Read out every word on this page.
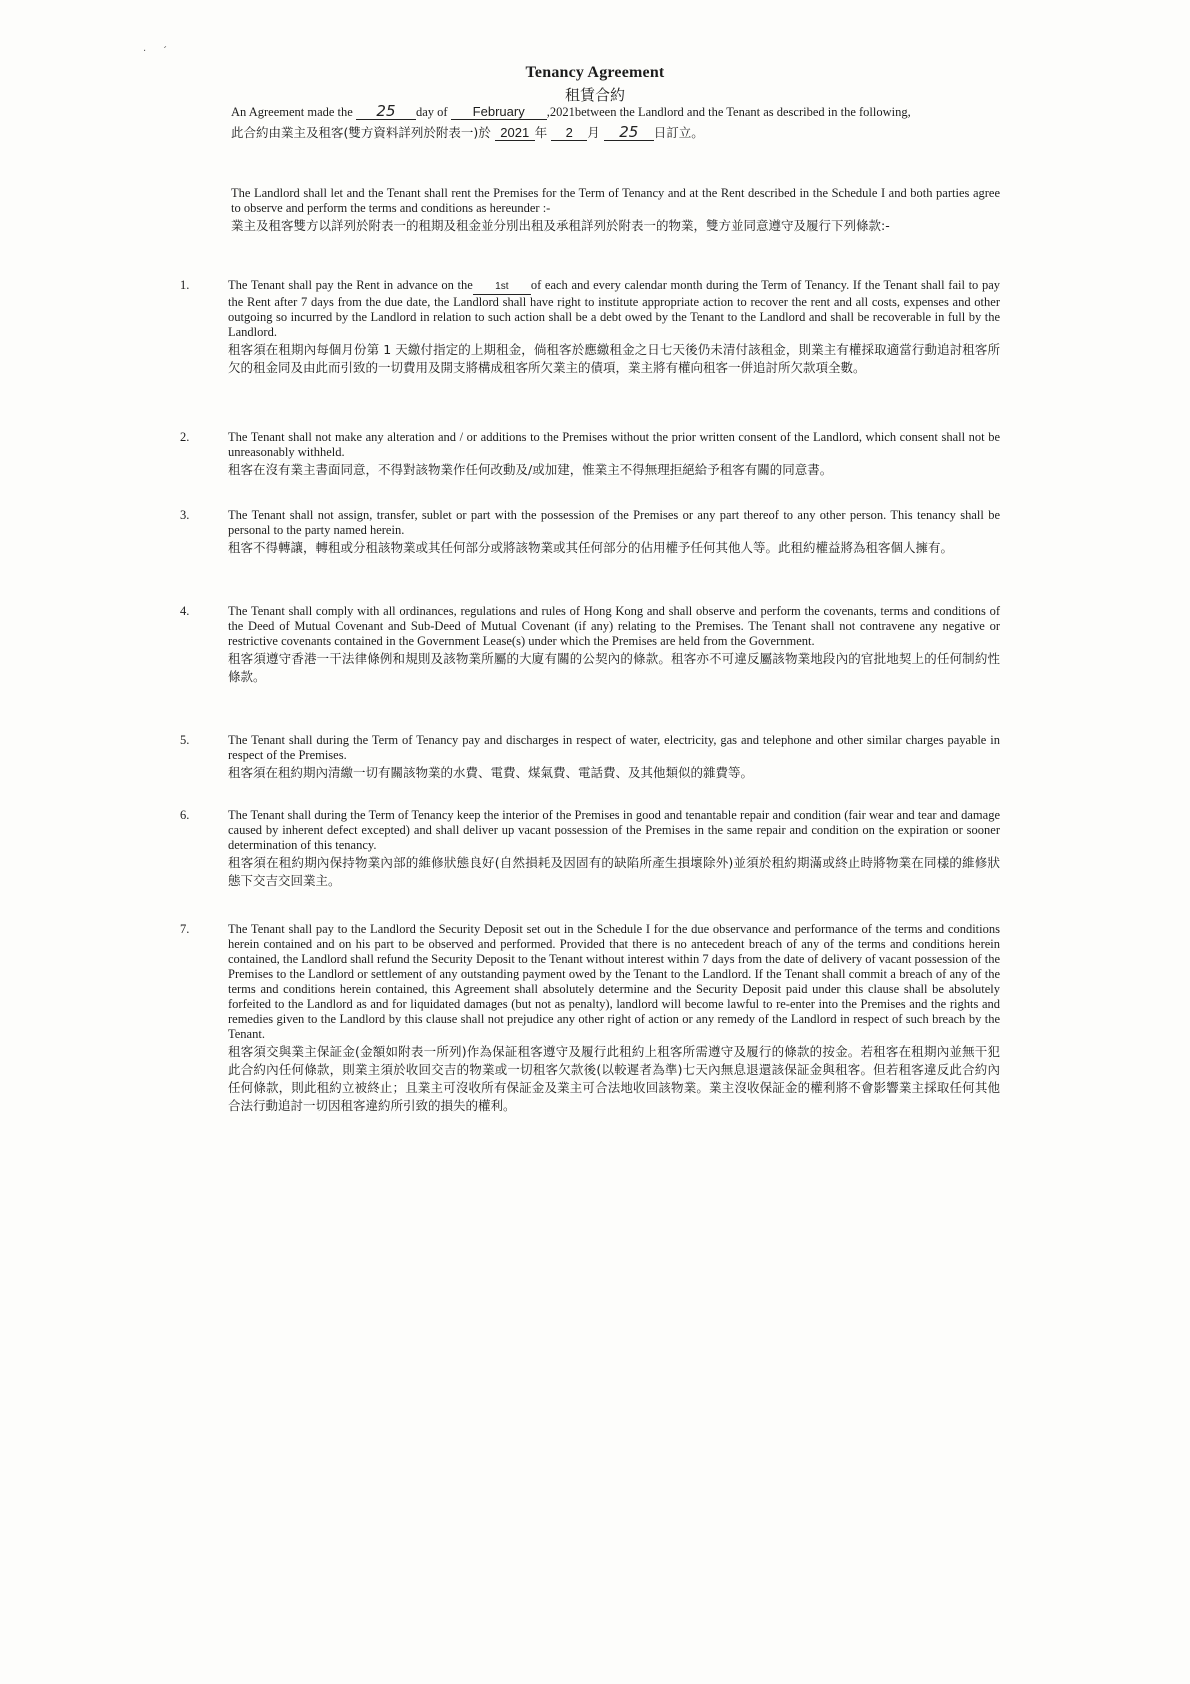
·     ´
Tenancy Agreement
租賃合約
An Agreement made the 25 day of February ,2021between the Landlord and the Tenant as described in the following,
此合約由業主及租客(雙方資料詳列於附表一)於 2021 年 2 月 25 日訂立。
The Landlord shall let and the Tenant shall rent the Premises for the Term of Tenancy and at the Rent described in the Schedule I and both parties agree to observe and perform the terms and conditions as hereunder :-
業主及租客雙方以詳列於附表一的租期及租金並分別出租及承租詳列於附表一的物業，雙方並同意遵守及履行下列條款:-
1.	The Tenant shall pay the Rent in advance on the 1st of each and every calendar month during the Term of Tenancy. If the Tenant shall fail to pay the Rent after 7 days from the due date, the Landlord shall have right to institute appropriate action to recover the rent and all costs, expenses and other outgoing so incurred by the Landlord in relation to such action shall be a debt owed by the Tenant to the Landlord and shall be recoverable in full by the Landlord.
租客須在租期內每個月份第 1 天繳付指定的上期租金，倘租客於應繳租金之日七天後仍未清付該租金，則業主有權採取適當行動追討租客所欠的租金同及由此而引致的一切費用及開支將構成租客所欠業主的債項，業主將有權向租客一併追討所欠款項全數。
2.	The Tenant shall not make any alteration and / or additions to the Premises without the prior written consent of the Landlord, which consent shall not be unreasonably withheld.
租客在沒有業主書面同意，不得對該物業作任何改動及/或加建，惟業主不得無理拒絕給予租客有關的同意書。
3.	The Tenant shall not assign, transfer, sublet or part with the possession of the Premises or any part thereof to any other person. This tenancy shall be personal to the party named herein.
租客不得轉讓，轉租或分租該物業或其任何部分或將該物業或其任何部分的佔用權予任何其他人等。此租約權益將為租客個人擁有。
4.	The Tenant shall comply with all ordinances, regulations and rules of Hong Kong and shall observe and perform the covenants, terms and conditions of the Deed of Mutual Covenant and Sub-Deed of Mutual Covenant (if any) relating to the Premises. The Tenant shall not contravene any negative or restrictive covenants contained in the Government Lease(s) under which the Premises are held from the Government.
租客須遵守香港一干法律條例和規則及該物業所屬的大廈有關的公契內的條款。租客亦不可違反屬該物業地段內的官批地契上的任何制約性條款。
5.	The Tenant shall during the Term of Tenancy pay and discharges in respect of water, electricity, gas and telephone and other similar charges payable in respect of the Premises.
租客須在租約期內清繳一切有關該物業的水費、電費、煤氣費、電話費、及其他類似的雜費等。
6.	The Tenant shall during the Term of Tenancy keep the interior of the Premises in good and tenantable repair and condition (fair wear and tear and damage caused by inherent defect excepted) and shall deliver up vacant possession of the Premises in the same repair and condition on the expiration or sooner determination of this tenancy.
租客須在租約期內保持物業內部的維修狀態良好(自然損耗及因固有的缺陷所產生損壞除外)並須於租約期滿或終止時將物業在同樣的維修狀態下交吉交回業主。
7.	The Tenant shall pay to the Landlord the Security Deposit set out in the Schedule I for the due observance and performance of the terms and conditions herein contained and on his part to be observed and performed. Provided that there is no antecedent breach of any of the terms and conditions herein contained, the Landlord shall refund the Security Deposit to the Tenant without interest within 7 days from the date of delivery of vacant possession of the Premises to the Landlord or settlement of any outstanding payment owed by the Tenant to the Landlord. If the Tenant shall commit a breach of any of the terms and conditions herein contained, this Agreement shall absolutely determine and the Security Deposit paid under this clause shall be absolutely forfeited to the Landlord as and for liquidated damages (but not as penalty), landlord will become lawful to re-enter into the Premises and the rights and remedies given to the Landlord by this clause shall not prejudice any other right of action or any remedy of the Landlord in respect of such breach by the Tenant.
租客須交與業主保証金(金額如附表一所列)作為保証租客遵守及履行此租約上租客所需遵守及履行的條款的按金。若租客在租期內並無干犯此合約內任何條款，則業主須於收回交吉的物業或一切租客欠款後(以較遲者為準)七天內無息退還該保証金與租客。但若租客違反此合約內任何條款，則此租約立被終止；且業主可沒收所有保証金及業主可合法地收回該物業。業主沒收保証金的權利將不會影響業主採取任何其他合法行動追討一切因租客違約所引致的損失的權利。
